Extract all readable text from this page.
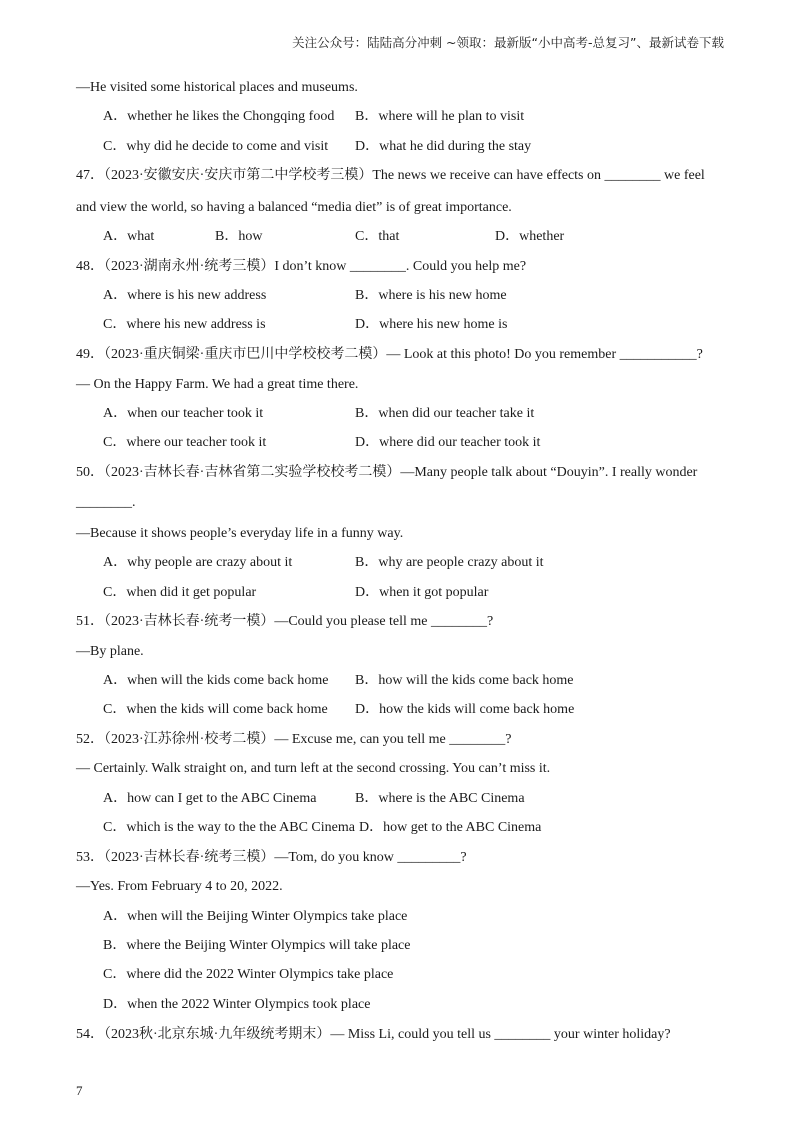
关注公众号：陆陆高分冲刺 ~领取：最新版“小中高考-总复习”、最新试卷下载
—He visited some historical places and museums.
A．whether he likes the Chongqing food B．where will he plan to visit
C．why did he decide to come and visit D．what he did during the stay
47．（2023·安徽安庆·安庆市第二中学校考三模）The news we receive can have effects on ________ we feel
and view the world, so having a balanced “media diet” is of great importance.
A．what	B．how	C．that	D．whether
48．（2023·湖南永州·统考三模）I don’t know ________. Could you help me?
A．where is his new address	B．where is his new home
C．where his new address is	D．where his new home is
49．（2023·重庆铜梁·重庆市巴川中学校校考二模）— Look at this photo! Do you remember ___________?
— On the Happy Farm. We had a great time there.
A．when our teacher took it	B．when did our teacher take it
C．where our teacher took it	D．where did our teacher took it
50．（2023·吉林长春·吉林省第二实验学校校考二模）—Many people talk about “Douyin”. I really wonder
________.
—Because it shows people’s everyday life in a funny way.
A．why people are crazy about it	B．why are people crazy about it
C．when did it get popular	D．when it got popular
51．（2023·吉林长春·统考一模）—Could you please tell me ________?
—By plane.
A．when will the kids come back home B．how will the kids come back home
C．when the kids will come back home D．how the kids will come back home
52．（2023·江苏徐州·校考二模）— Excuse me, can you tell me ________?
— Certainly. Walk straight on, and turn left at the second crossing. You can’t miss it.
A．how can I get to the ABC Cinema	B．where is the ABC Cinema
C．which is the way to the the ABC Cinema D．how get to the ABC Cinema
53．（2023·吉林长春·统考三模）—Tom, do you know _________?
—Yes. From February 4 to 20, 2022.
A．when will the Beijing Winter Olympics take place
B．where the Beijing Winter Olympics will take place
C．where did the 2022 Winter Olympics take place
D．when the 2022 Winter Olympics took place
54．（2023秋·北京东城·九年级统考期末）— Miss Li, could you tell us ________ your winter holiday?
7
